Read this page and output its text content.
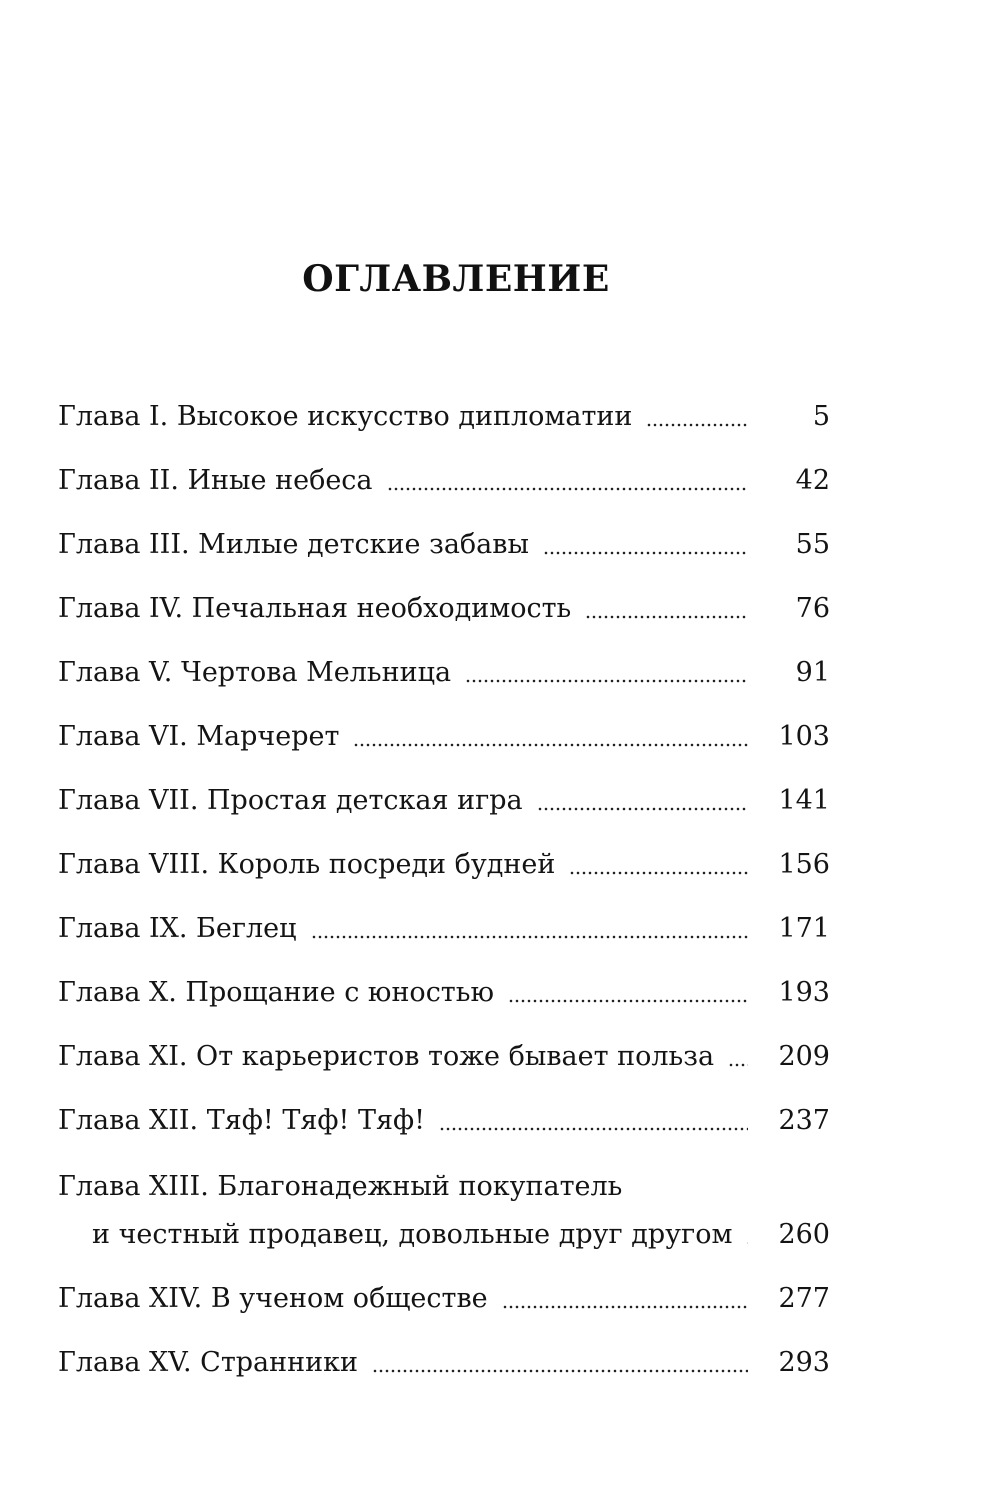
ОГЛАВЛЕНИЕ
Глава I. Высокое искусство дипломатии	5
Глава II. Иные небеса	42
Глава III. Милые детские забавы	55
Глава IV. Печальная необходимость	76
Глава V. Чертова Мельница	91
Глава VI. Марчерет	103
Глава VII. Простая детская игра	141
Глава VIII. Король посреди будней	156
Глава IX. Беглец	171
Глава X. Прощание с юностью	193
Глава XI. От карьеристов тоже бывает польза	209
Глава XII. Тяф! Тяф! Тяф!	237
Глава XIII. Благонадежный покупатель
и честный продавец, довольные друг другом	260
Глава XIV. В ученом обществе	277
Глава XV. Странники	293
